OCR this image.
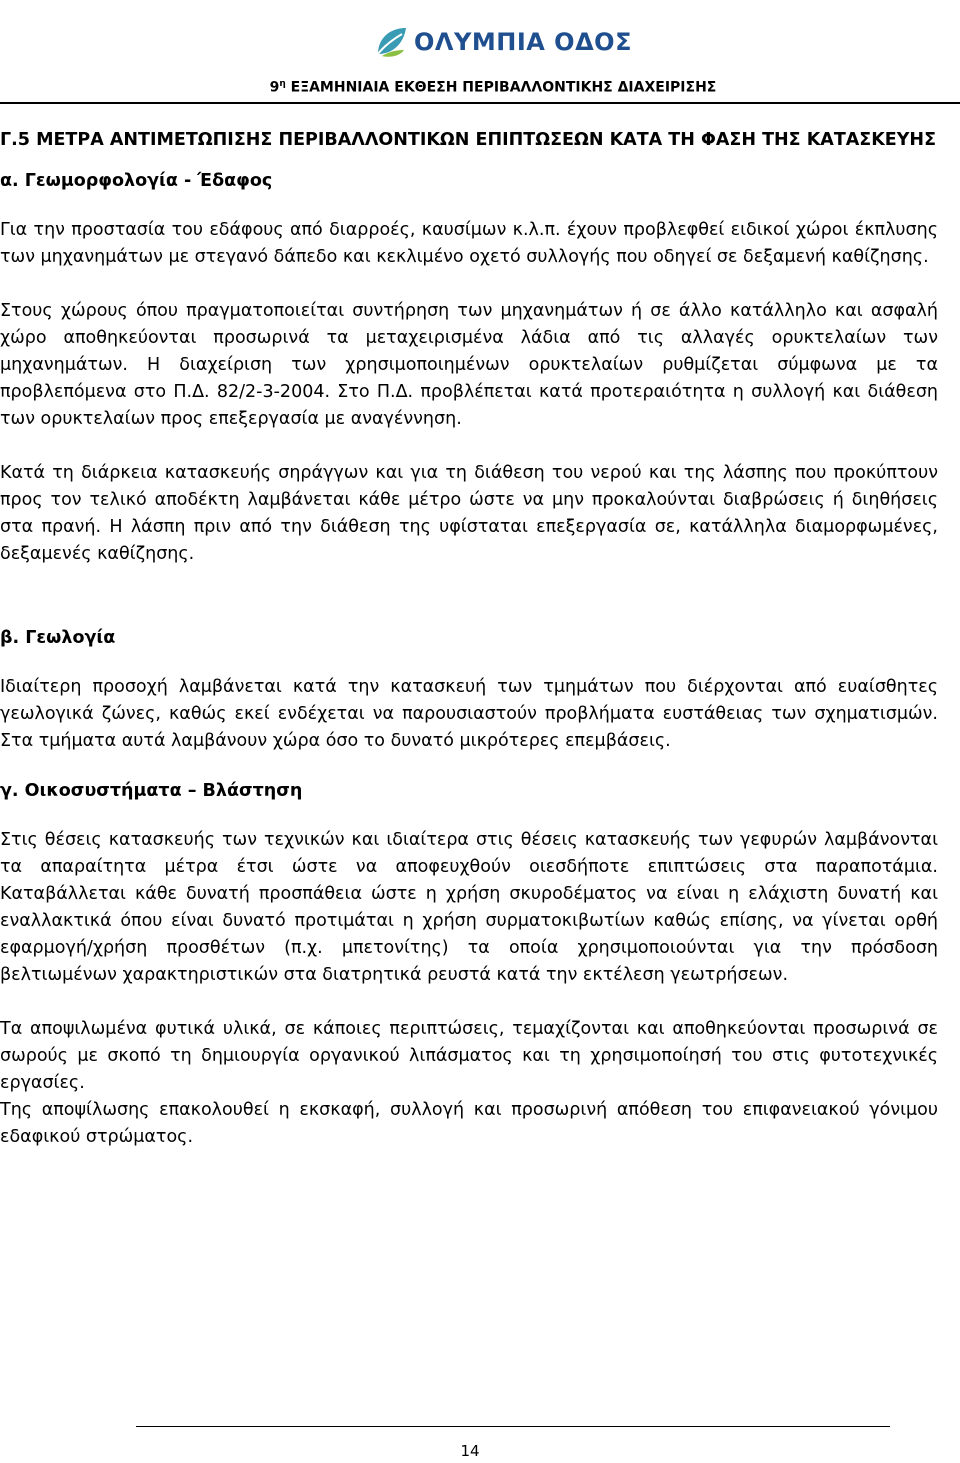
ΟΛΥΜΠΙΑ ΟΔΟΣ
$9^\eta$ ΕΞΑΜΗΝΙΑΙΑ ΕΚΘΕΣΗ ΠΕΡΙΒΑΛΛΟΝΤΙΚΗΣ ΔΙΑΧΕΙΡΙΣΗΣ

Γ.5 ΜΕΤΡΑ ΑΝΤΙΜΕΤΩΠΙΣΗΣ ΠΕΡΙΒΑΛΛΟΝΤΙΚΩΝ ΕΠΙΠΤΩΣΕΩΝ ΚΑΤΑ ΤΗ ΦΑΣΗ ΤΗΣ ΚΑΤΑΣΚΕΥΗΣ

α. Γεωμορφολογία - Έδαφος

Για την προστασία του εδάφους από διαρροές, καυσίμων κ.λ.π. έχουν προβλεφθεί ειδικοί χώροι έκπλυσης των μηχανημάτων με στεγανό δάπεδο και κεκλιμένο οχετό συλλογής που οδηγεί σε δεξαμενή καθίζησης.

Στους χώρους όπου πραγματοποιείται συντήρηση των μηχανημάτων ή σε άλλο κατάλληλο και ασφαλή χώρο αποθηκεύονται προσωρινά τα μεταχειρισμένα λάδια από τις αλλαγές ορυκτελαίων των μηχανημάτων. Η διαχείριση των χρησιμοποιημένων ορυκτελαίων ρυθμίζεται σύμφωνα με τα προβλεπόμενα στο Π.Δ. 82/2-3-2004. Στο Π.Δ. προβλέπεται κατά προτεραιότητα η συλλογή και διάθεση των ορυκτελαίων προς επεξεργασία με αναγέννηση.

Κατά τη διάρκεια κατασκευής σηράγγων και για τη διάθεση του νερού και της λάσπης που προκύπτουν προς τον τελικό αποδέκτη λαμβάνεται κάθε μέτρο ώστε να μην προκαλούνται διαβρώσεις ή διηθήσεις στα πρανή. Η λάσπη πριν από την διάθεση της υφίσταται επεξεργασία σε, κατάλληλα διαμορφωμένες, δεξαμενές καθίζησης.

β. Γεωλογία

Ιδιαίτερη προσοχή λαμβάνεται κατά την κατασκευή των τμημάτων που διέρχονται από ευαίσθητες γεωλογικά ζώνες, καθώς εκεί ενδέχεται να παρουσιαστούν προβλήματα ευστάθειας των σχηματισμών. Στα τμήματα αυτά λαμβάνουν χώρα όσο το δυνατό μικρότερες επεμβάσεις.

γ. Οικοσυστήματα – Βλάστηση

Στις θέσεις κατασκευής των τεχνικών και ιδιαίτερα στις θέσεις κατασκευής των γεφυρών λαμβάνονται τα απαραίτητα μέτρα έτσι ώστε να αποφευχθούν οιεσδήποτε επιπτώσεις στα παραποτάμια. Καταβάλλεται κάθε δυνατή προσπάθεια ώστε η χρήση σκυροδέματος να είναι η ελάχιστη δυνατή και εναλλακτικά όπου είναι δυνατό προτιμάται η χρήση συρματοκιβωτίων καθώς επίσης, να γίνεται ορθή εφαρμογή/χρήση προσθέτων (π.χ. μπετονίτης) τα οποία χρησιμοποιούνται για την πρόσδοση βελτιωμένων χαρακτηριστικών στα διατρητικά ρευστά κατά την εκτέλεση γεωτρήσεων.

Τα αποψιλωμένα φυτικά υλικά, σε κάποιες περιπτώσεις, τεμαχίζονται και αποθηκεύονται προσωρινά σε σωρούς με σκοπό τη δημιουργία οργανικού λιπάσματος και τη χρησιμοποίησή του στις φυτοτεχνικές εργασίες.

Της αποψίλωσης επακολουθεί η εκσκαφή, συλλογή και προσωρινή απόθεση του επιφανειακού γόνιμου εδαφικού στρώματος.

14
